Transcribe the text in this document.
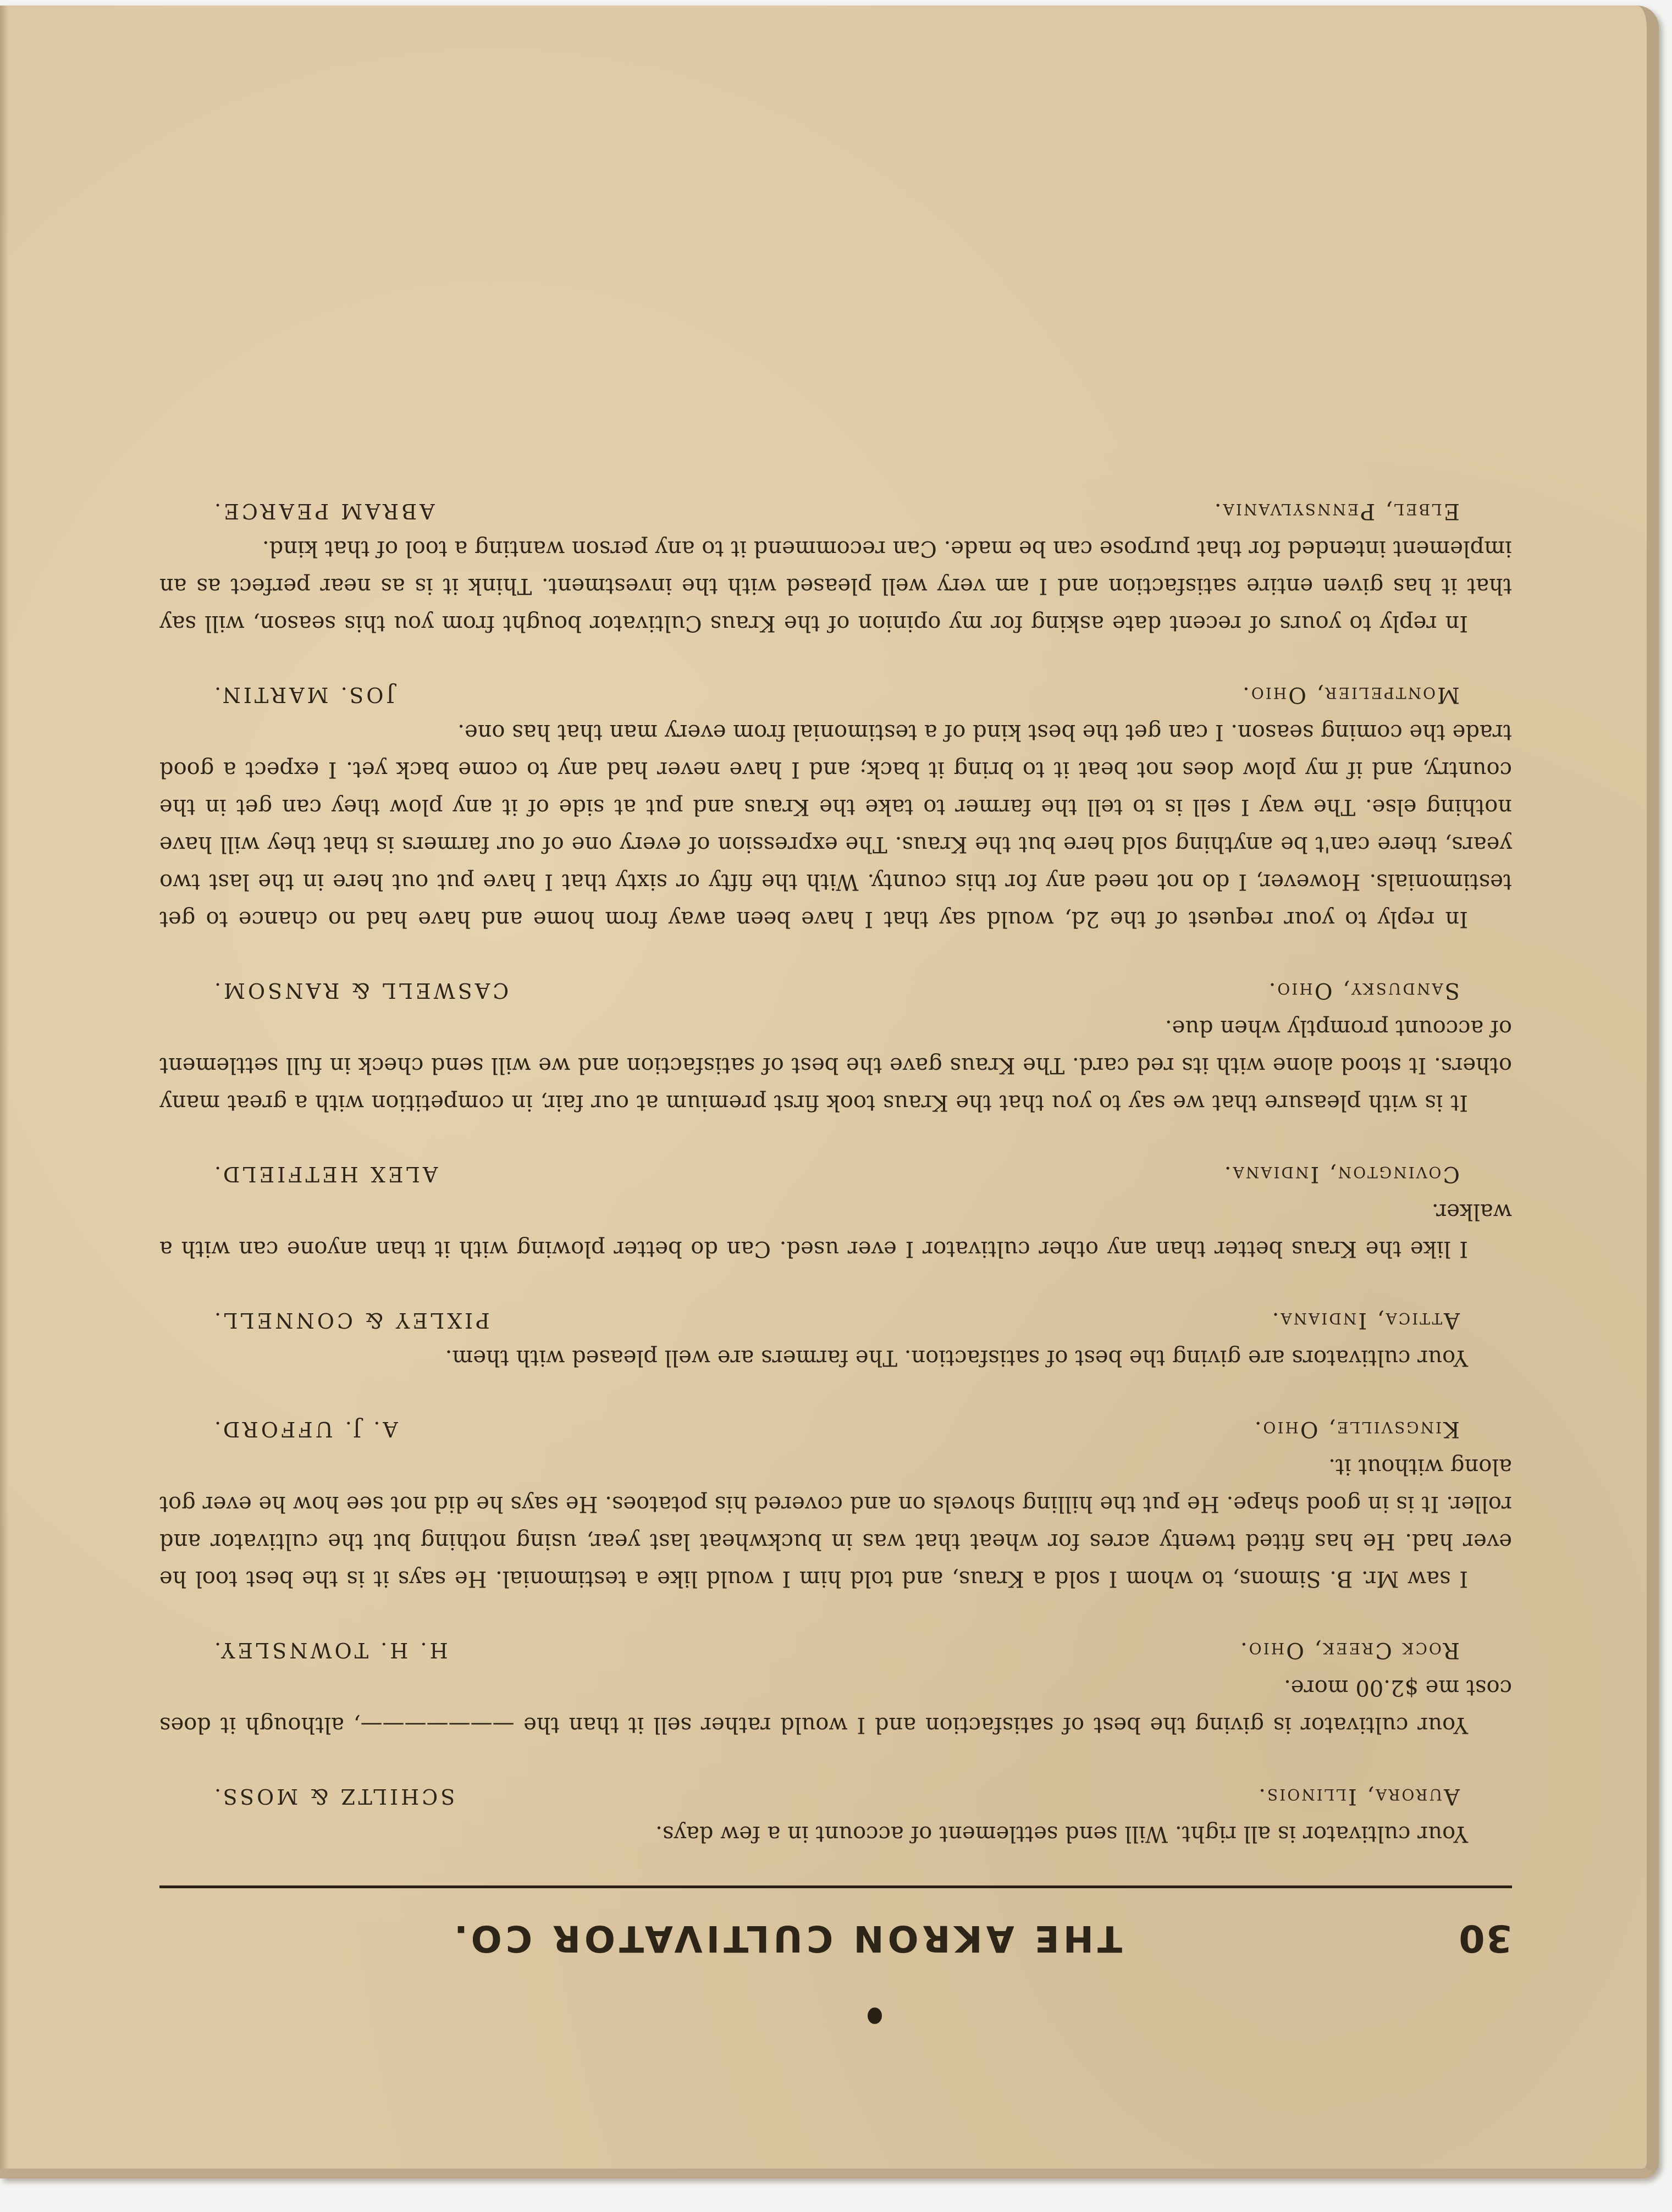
30
THE AKRON CULTIVATOR CO.

Your cultivator is all right. Will send settlement of account in a few days.

Aurora, Illinois.
SCHILTZ & MOSS.

Your cultivator is giving the best of satisfaction and I would rather sell it than the ———————, although it does cost me $2.00 more.

Rock Creek, Ohio.
H. H. TOWNSLEY.

I saw Mr. B. Simons, to whom I sold a Kraus, and told him I would like a testimonial. He says it is the best tool he ever had. He has fitted twenty acres for wheat that was in buckwheat last year, using nothing but the cultivator and roller. It is in good shape. He put the hilling shovels on and covered his potatoes. He says he did not see how he ever got along without it.

Kingsville, Ohio.
A. J. UFFORD.

Your cultivators are giving the best of satisfaction. The farmers are well pleased with them.

Attica, Indiana.
PIXLEY & CONNELL.

I like the Kraus better than any other cultivator I ever used. Can do better plowing with it than anyone can with a walker.

Covington, Indiana.
ALEX HETFIELD.

It is with pleasure that we say to you that the Kraus took first premium at our fair, in competition with a great many others. It stood alone with its red card. The Kraus gave the best of satisfaction and we will send check in full settlement of account promptly when due.

Sandusky, Ohio.
CASWELL & RANSOM.

In reply to your request of the 2d, would say that I have been away from home and have had no chance to get testimonials. However, I do not need any for this county. With the fifty or sixty that I have put out here in the last two years, there can't be anything sold here but the Kraus. The expression of every one of our farmers is that they will have nothing else. The way I sell is to tell the farmer to take the Kraus and put at side of it any plow they can get in the country, and if my plow does not beat it to bring it back; and I have never had any to come back yet. I expect a good trade the coming season. I can get the best kind of a testimonial from every man that has one.

Montpelier, Ohio.
JOS. MARTIN.

In reply to yours of recent date asking for my opinion of the Kraus Cultivator bought from you this season, will say that it has given entire satisfaction and I am very well pleased with the investment. Think it is as near perfect as an implement intended for that purpose can be made. Can recommend it to any person wanting a tool of that kind.

Elbel, Pennsylvania.
ABRAM PEARCE.
